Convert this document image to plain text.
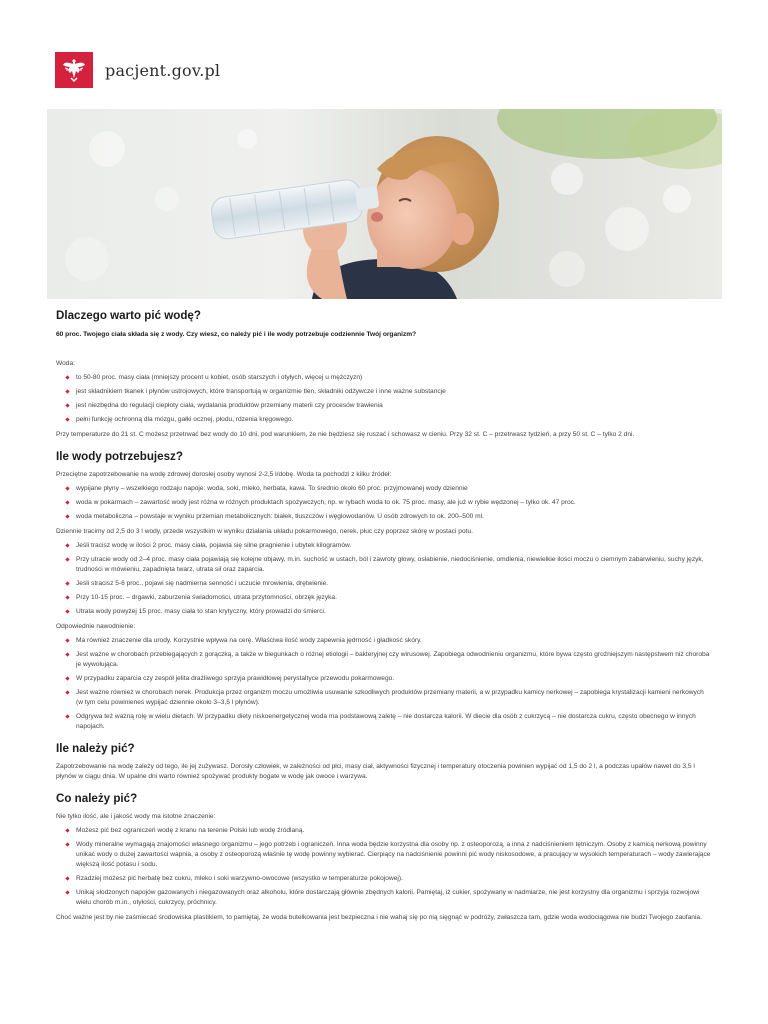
pacjent.gov.pl
Dlaczego warto pić wodę?

60 proc. Twojego ciała składa się z wody. Czy wiesz, co należy pić i ile wody potrzebuje codziennie Twój organizm?

Woda:

to 50-80 proc. masy ciała (mniejszy procent u kobiet, osób starszych i otyłych, więcej u mężczyzn)
jest składnikiem tkanek i płynów ustrojowych, które transportują w organizmie tlen, składniki odżywcze i inne ważne substancje
jest niezbędna do regulacji ciepłoty ciała, wydalania produktów przemiany materii czy procesów trawienia
pełni funkcję ochronną dla mózgu, gałki ocznej, płodu, rdzenia kręgowego.

Przy temperaturze do 21 st. C możesz przetrwać bez wody do 10 dni, pod warunkiem, że nie będziesz się ruszać i schowasz w cieniu. Przy 32 st. C – przetrwasz tydzień, a przy 50 st. C – tylko 2 dni.

Ile wody potrzebujesz?

Przeciętne zapotrzebowanie na wodę zdrowej dorosłej osoby wynosi 2-2,5 l/dobę. Woda ta pochodzi z kilku źródeł:

wypijane płyny – wszelkiego rodzaju napoje: woda, soki, mleko, herbata, kawa. To średnio około 60 proc. przyjmowanej wody dziennie
woda w pokarmach – zawartość wody jest różna w różnych produktach spożywczych, np. w rybach woda to ok. 75 proc. masy, ale już w rybie wędzonej – tylko ok. 47 proc.
woda metaboliczna – powstaje w wyniku przemian metabolicznych: białek, tłuszczów i węglowodanów. U osób zdrowych to ok. 200–500 ml.

Dziennie tracimy od 2,5 do 3 l wody, przede wszystkim w wyniku działania układu pokarmowego, nerek, płuc czy poprzez skórę w postaci potu.

Jeśli tracisz wodę w ilości 2 proc. masy ciała, pojawia się silne pragnienie i ubytek kilogramów.
Przy utracie wody od 2–4 proc. masy ciała pojawiają się kolejne objawy, m.in. suchość w ustach, ból i zawroty głowy, osłabienie, niedociśnienie, omdlenia, niewielkie ilości moczu o ciemnym zabarwieniu, suchy język, trudności w mówieniu, zapadnięta twarz, utrata sił oraz zaparcia.
Jeśli stracisz 5-6 proc., pojawi się nadmierna senność i uczucie mrowienia, drętwienie.
Przy 10-15 proc. – drgawki, zaburzenia świadomości, utrata przytomności, obrzęk języka.
Utrata wody powyżej 15 proc. masy ciała to stan krytyczny, który prowadzi do śmierci.

Odpowiednie nawodnienie:

Ma również znaczenie dla urody. Korzystnie wpływa na cerę. Właściwa ilość wody zapewnia jędrność i gładkość skóry.
Jest ważne w chorobach przebiegających z gorączką, a także w biegunkach o różnej etiologii – bakteryjnej czy wirusowej. Zapobiega odwodnieniu organizmu, które bywa często groźniejszym następstwem niż choroba je wywołująca.
W przypadku zaparcia czy zespół jelita drażliwego sprzyja prawidłowej perystaltyce przewodu pokarmowego.
Jest ważne również w chorobach nerek. Produkcja przez organizm moczu umożliwia usuwanie szkodliwych produktów przemiany materii, a w przypadku kamicy nerkowej – zapobiega krystalizacji kamieni nerkowych (w tym celu powinieneś wypijać dziennie około 3–3,5 l płynów).
Odgrywa też ważną rolę w wielu dietach. W przypadku diety niskoenergetycznej woda ma podstawową zaletę – nie dostarcza kalorii. W diecie dla osób z cukrzycą – nie dostarcza cukru, często obecnego w innych napojach.
Ile należy pić?

Zapotrzebowanie na wodę zależy od tego, ile jej zużywasz. Dorosły człowiek, w zależności od płci, masy ciał, aktywności fizycznej i temperatury otoczenia powinien wypijać od 1,5 do 2 l, a podczas upałów nawet do 3,5 l płynów w ciągu dnia. W upalne dni warto również spożywać produkty bogate w wodę jak owoce i warzywa.

Co należy pić?

Nie tylko ilość, ale i jakość wody ma istotne znaczenie:

Możesz pić bez ograniczeń wodę z kranu na terenie Polski lub wodę źródlaną.
Wody mineralne wymagają znajomości własnego organizmu – jego potrzeb i ograniczeń. Inna woda będzie korzystna dla osoby np. z osteoporozą, a inna z nadciśnieniem tętniczym. Osoby z kamicą nerkową powinny unikać wody o dużej zawartości wapnia, a osoby z osteoporozą właśnie tę wodę powinny wybierać. Cierpiący na nadciśnienie powinni pić wody niskosodowe, a pracujący w wysokich temperaturach – wody zawierające większą ilość potasu i sodu.
Rzadziej możesz pić herbatę bez cukru, mleko i soki warzywno-owocowe (wszystko w temperaturze pokojowej).
Unikaj słodzonych napojów gazowanych i niegazowanych oraz alkoholu, które dostarczają głównie zbędnych kalorii. Pamiętaj, iż cukier, spożywany w nadmiarze, nie jest korzystny dla organizmu i sprzyja rozwojowi wielu chorób m.in., otyłości, cukrzycy, próchnicy.

Choć ważne jest by nie zaśmiecać środowiska plastikiem, to pamiętaj, że woda butelkowania jest bezpieczna i nie wahaj się po nią sięgnąć w podróży, zwłaszcza tam, gdzie woda wodociągowa nie budzi Twojego zaufania.
